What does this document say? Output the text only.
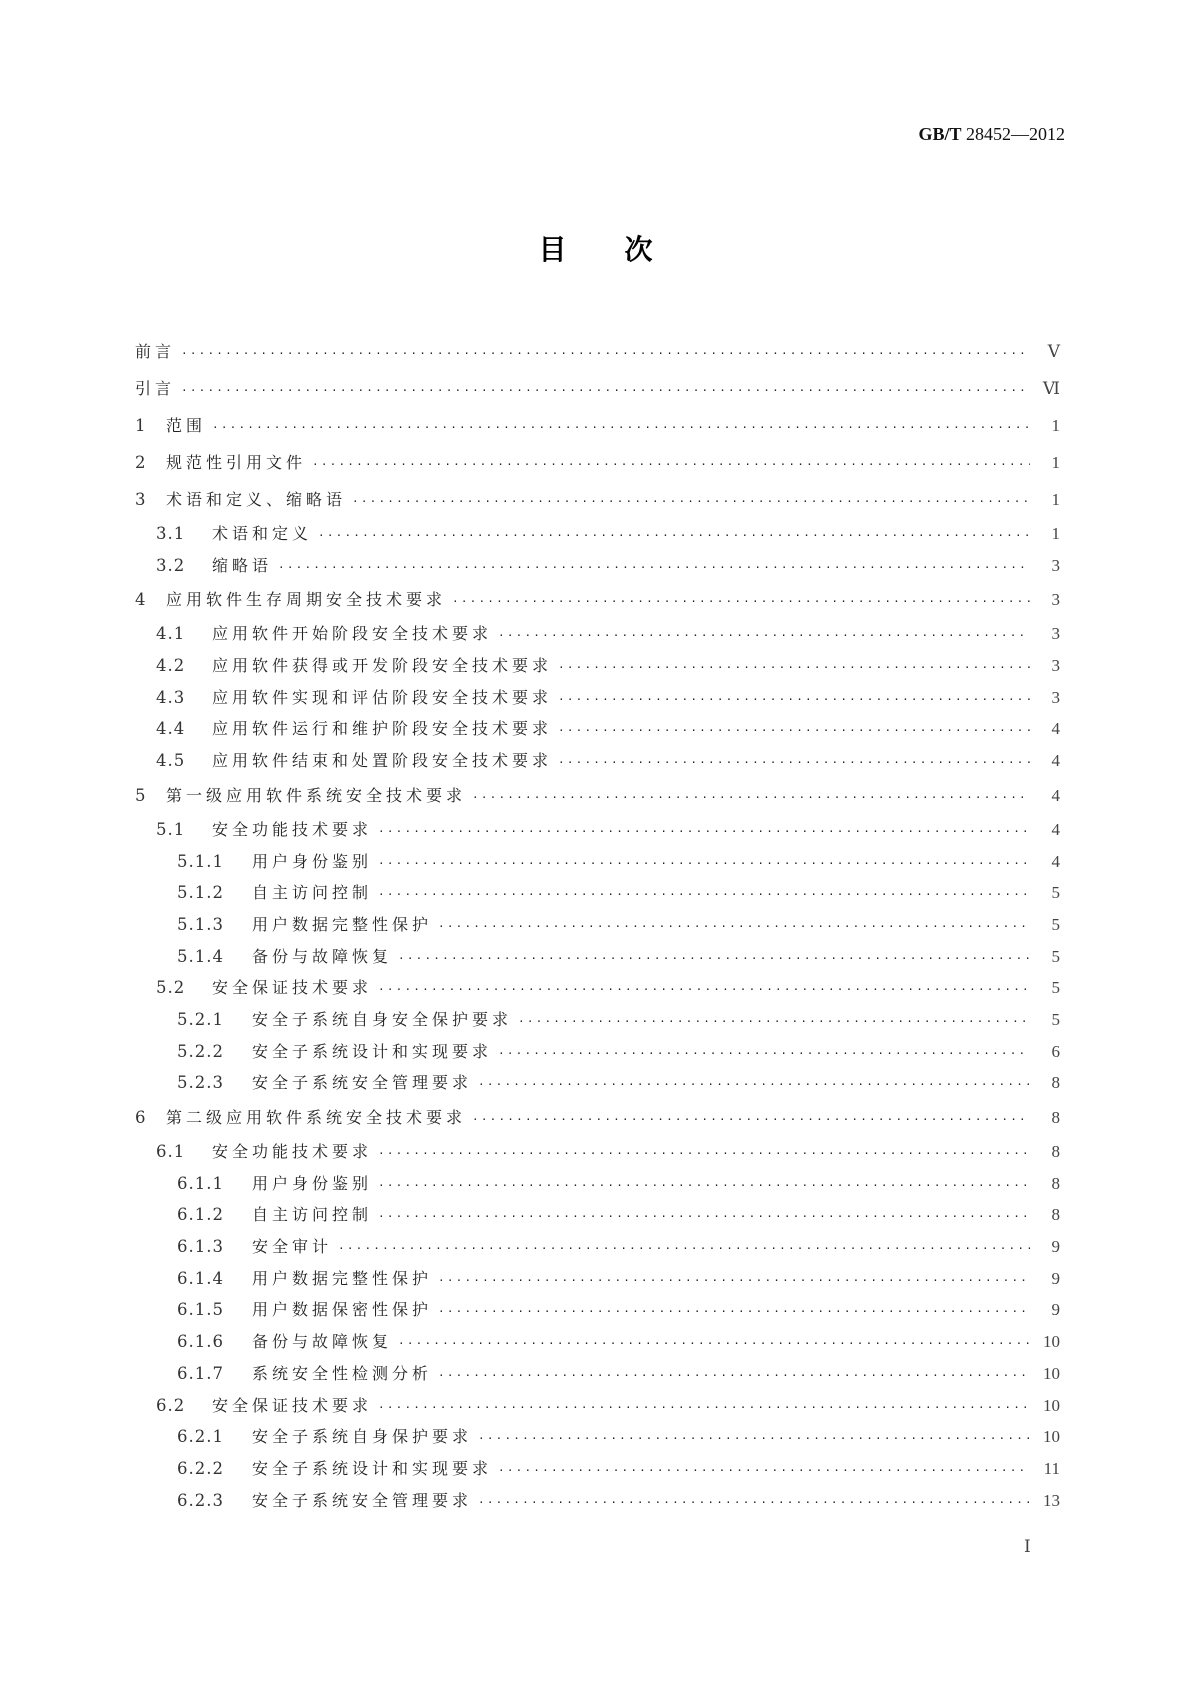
GB/T 28452—2012
目 次
前言 ·····	Ⅴ
引言 ·····	Ⅵ
1	范围 ·····	1
2	规范性引用文件 ·····	1
3	术语和定义、缩略语 ·····	1
3.1	术语和定义 ·····	1
3.2	缩略语 ·····	3
4	应用软件生存周期安全技术要求 ·····	3
4.1	应用软件开始阶段安全技术要求 ·····	3
4.2	应用软件获得或开发阶段安全技术要求 ·····	3
4.3	应用软件实现和评估阶段安全技术要求 ·····	3
4.4	应用软件运行和维护阶段安全技术要求 ·····	4
4.5	应用软件结束和处置阶段安全技术要求 ·····	4
5	第一级应用软件系统安全技术要求 ·····	4
5.1	安全功能技术要求 ·····	4
5.1.1	用户身份鉴别 ·····	4
5.1.2	自主访问控制 ·····	5
5.1.3	用户数据完整性保护 ·····	5
5.1.4	备份与故障恢复 ·····	5
5.2	安全保证技术要求 ·····	5
5.2.1	安全子系统自身安全保护要求 ·····	5
5.2.2	安全子系统设计和实现要求 ·····	6
5.2.3	安全子系统安全管理要求 ·····	8
6	第二级应用软件系统安全技术要求 ·····	8
6.1	安全功能技术要求 ·····	8
6.1.1	用户身份鉴别 ·····	8
6.1.2	自主访问控制 ·····	8
6.1.3	安全审计 ·····	9
6.1.4	用户数据完整性保护 ·····	9
6.1.5	用户数据保密性保护 ·····	9
6.1.6	备份与故障恢复 ·····	10
6.1.7	系统安全性检测分析 ·····	10
6.2	安全保证技术要求 ·····	10
6.2.1	安全子系统自身保护要求 ·····	10
6.2.2	安全子系统设计和实现要求 ·····	11
6.2.3	安全子系统安全管理要求 ·····	13
Ⅰ
